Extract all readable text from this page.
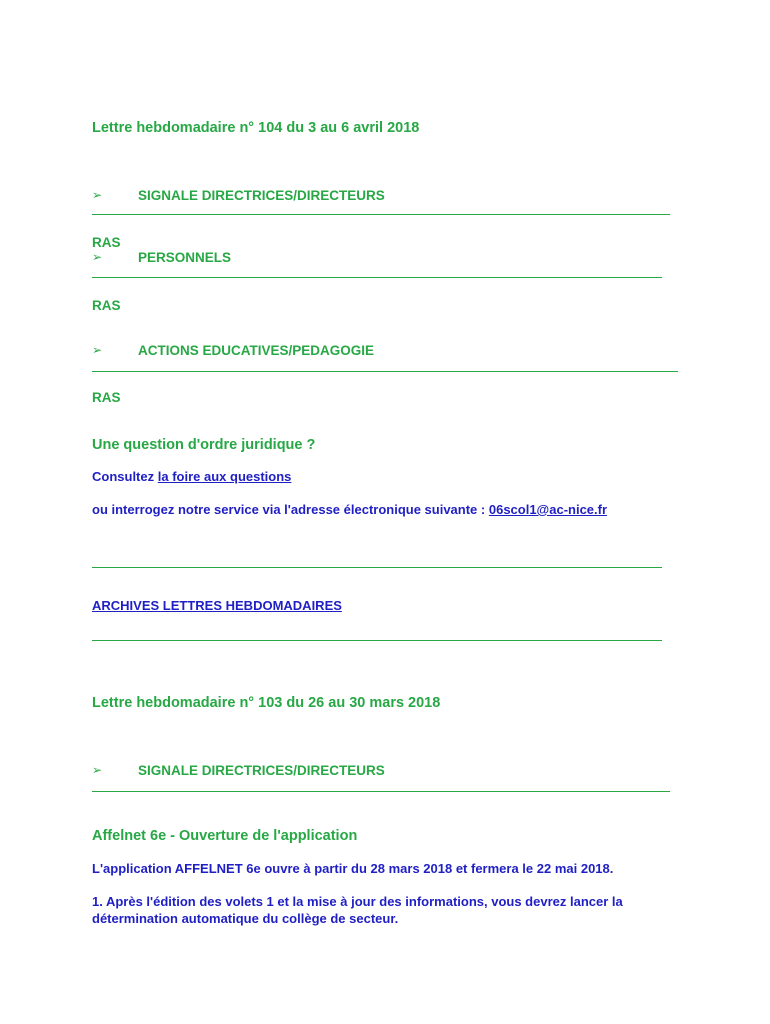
Lettre hebdomadaire n° 104 du 3 au 6 avril 2018
➢	SIGNALE DIRECTRICES/DIRECTEURS
RAS
➢	PERSONNELS
RAS
➢	ACTIONS EDUCATIVES/PEDAGOGIE
RAS
Une question d'ordre juridique ?
Consultez la foire aux questions
ou interrogez notre service via l'adresse électronique suivante : 06scol1@ac-nice.fr
ARCHIVES LETTRES HEBDOMADAIRES
Lettre hebdomadaire n° 103 du 26 au 30 mars 2018
➢	SIGNALE DIRECTRICES/DIRECTEURS
Affelnet 6e - Ouverture de l'application
L'application AFFELNET 6e ouvre à partir du 28 mars 2018 et fermera le 22 mai 2018.
1. Après l'édition des volets 1 et la mise à jour des informations, vous devrez lancer la
détermination automatique du collège de secteur.
